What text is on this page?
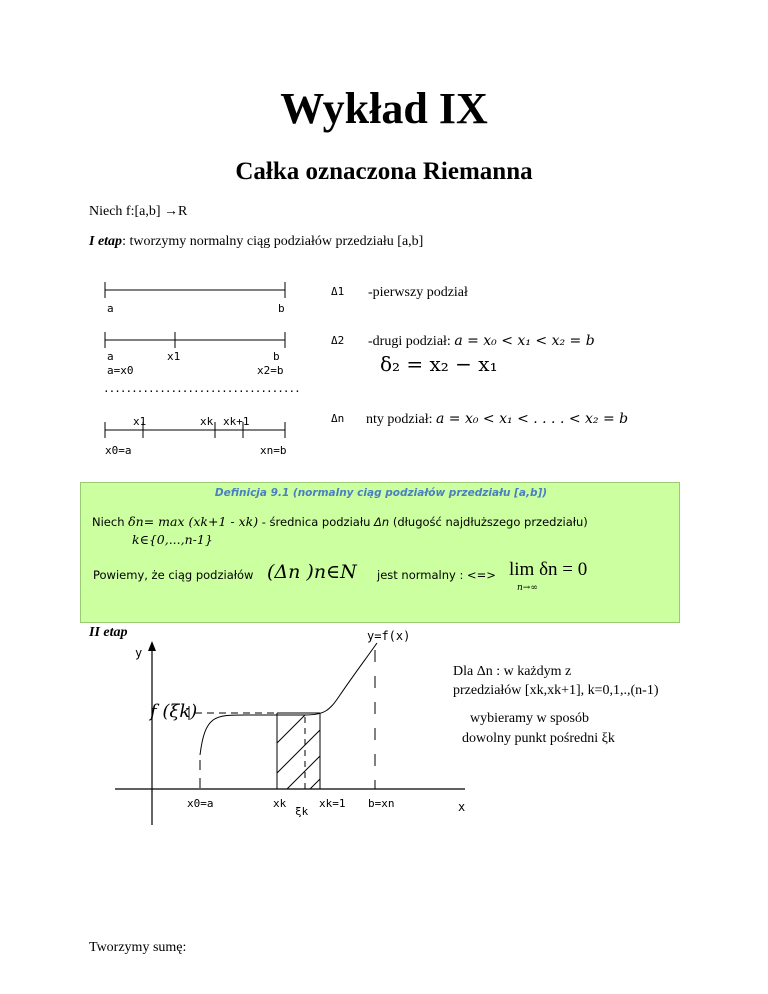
Wykład IX
Całka oznaczona Riemanna
Niech f:[a,b] →R
I etap: tworzymy normalny ciąg podziałów przedziału [a,b]
a	b
a
a=x0
x1	b
x2=b
...................................
x1	xk xk+1
x0=a	xn=b
Δ1 -pierwszy podział
Δ2 -drugi podział: a = x₀ < x₁ < x₂ = b
δ₂ = x₂ − x₁
Δn nty podział: a = x₀ < x₁ < . . . . < x₂ = b
Definicja 9.1 (normalny ciąg podziałów przedziału [a,b])
Niech δn= max (xk+1 - xk) - średnica podziału Δn (długość najdłuższego przedziału)
k∈{0,...,n-1}
Powiemy, że ciąg podziałów (Δn )n∈N jest normalny : <=> lim δn = 0
n→∞
II etap
y
y=f(x)
x
x0=a	xk
ξk
xk=1 b=xn
f (ξk)
Dla Δn : w każdym z
przedziałów [xk,xk+1], k=0,1,.,(n-1)
wybieramy w sposób
dowolny punkt pośredni ξk
Tworzymy sumę:
